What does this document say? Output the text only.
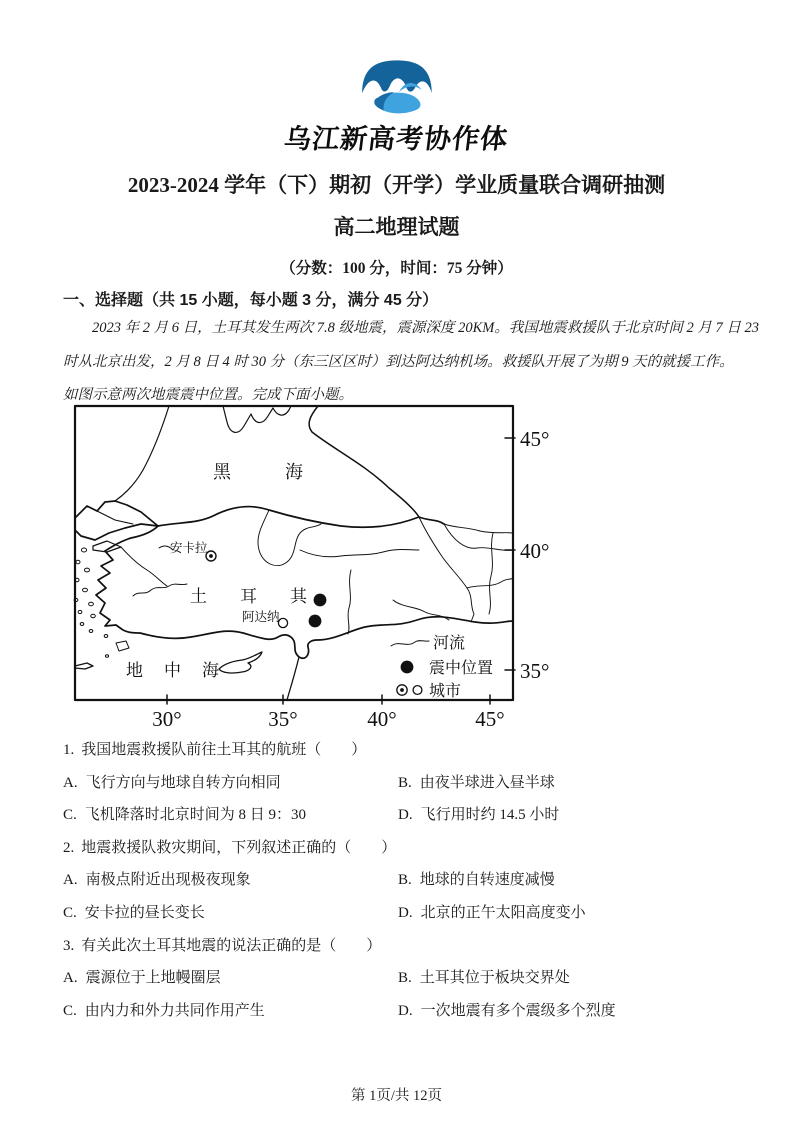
乌江新高考协作体
2023-2024 学年（下）期初（开学）学业质量联合调研抽测
高二地理试题
（分数：100 分，时间：75 分钟）
一、选择题（共 15 小题，每小题 3 分，满分 45 分）
2023 年 2 月 6 日，土耳其发生两次 7.8 级地震，震源深度 20KM。我国地震救援队于北京时间 2 月 7 日 23
时从北京出发，2 月 8 日 4 时 30 分（东三区区时）到达阿达纳机场。救援队开展了为期 9 天的就援工作。
如图示意两次地震震中位置。完成下面小题。
黑海
土耳其
地中海
安卡拉
阿达纳
河流
震中位置
城市
45°
40°
35°
30°	35°	40°	45°
1. 我国地震救援队前往土耳其的航班（　　）
A. 飞行方向与地球自转方向相同	B. 由夜半球进入昼半球
C. 飞机降落时北京时间为 8 日 9：30	D. 飞行用时约 14.5 小时
2. 地震救援队救灾期间，下列叙述正确的（　　）
A. 南极点附近出现极夜现象	B. 地球的自转速度减慢
C. 安卡拉的昼长变长	D. 北京的正午太阳高度变小
3. 有关此次土耳其地震的说法正确的是（　　）
A. 震源位于上地幔圈层	B. 土耳其位于板块交界处
C. 由内力和外力共同作用产生	D. 一次地震有多个震级多个烈度
第 1页/共 12页
